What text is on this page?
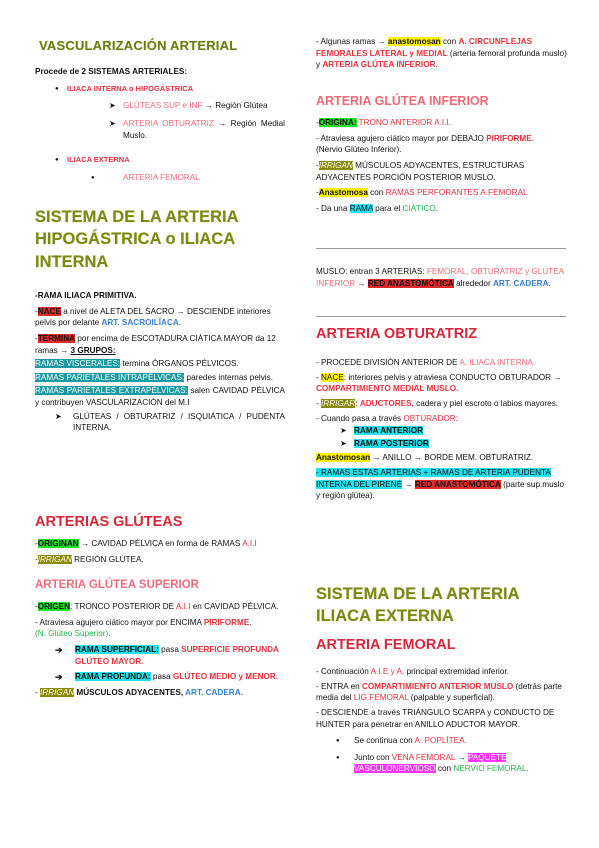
VASCULARIZACIÓN ARTERIAL

Procede de 2 SISTEMAS ARTERIALES:

● ILIACA INTERNA o HIPOGÁSTRICA
➤ GLÚTEAS SUP e INF → Región Glútea
➤ ARTERIA OBTURATRIZ → Región Medial Muslo.
● ILIACA EXTERNA
● ARTERIA FEMORAL
SISTEMA DE LA ARTERIA HIPOGÁSTRICA o ILIACA INTERNA

-RAMA ILIACA PRIMITIVA.

-NACE a nivel de ALETA DEL SACRO → DESCIENDE interiores pelvis por delante ART. SACROILÍACA.

-TERMINA por encima de ESCOTADURA CIÁTICA MAYOR da 12 ramas → 3 GRUPOS:

RAMAS VISCERALES: termina ÓRGANOS PÉLVICOS.

RAMAS PARIETALES INTRAPÉLVICAS: paredes internas pelvis.

RAMAS PARIETALES EXTRAPÉLVICAS: salen CAVIDAD PÉLVICA y contribuyen VASCULARIZACIÓN del M.I

➤ GLÚTEAS / OBTURATRIZ / ISQUIÁTICA / PUDENTA INTERNA.
ARTERIAS GLÚTEAS

-ORIGINAN → CAVIDAD PÉLVICA en forma de RAMAS A.I.I

-IRRIGAN REGIÓN GLÚTEA.

ARTERIA GLÚTEA SUPERIOR

-ORIGEN: TRONCO POSTERIOR DE A.I.I en CAVIDAD PÉLVICA.

- Atraviesa agujero ciático mayor por ENCIMA PIRIFORME.
(N. Glúteo Superior).

➔ RAMA SUPERFICIAL: pasa SUPERFICIE PROFUNDA GLÚTEO MAYOR.
➔ RAMA PROFUNDA: pasa GLÚTEO MEDIO y MENOR.

- IRRIGAN MÚSCULOS ADYACENTES, ART. CADERA.

- Algunas ramas → anastomosan con A. CIRCUNFLEJAS FEMORALES LATERAL y MEDIAL (arteria femoral profunda muslo) y ARTERIA GLÚTEA INFERIOR.

ARTERIA GLÚTEA INFERIOR

-ORIGINA: TRONO ANTERIOR A.I.I.

- Atraviesa agujero ciático mayor por DEBAJO PIRIFORME.
(Nervio Glúteo Inferior).

-IRRIGAN MÚSCULOS ADYACENTES, ESTRUCTURAS ADYACENTES PORCIÓN POSTERIOR MUSLO.

-Anastomosa con RAMAS PERFORANTES A.FEMORAL

- Da una RAMA para el CIÁTICO.

MUSLO: entran 3 ARTERIAS: FEMORAL, OBTURATRIZ y GLÚTEA INFERIOR → RED ANASTOMÓTICA alrededor ART. CADERA.

ARTERIA OBTURATRIZ

- PROCEDE DIVISIÓN ANTERIOR DE A. ILIACA INTERNA.

- NACE: interiores pelvis y atraviesa CONDUCTO OBTURADOR → COMPARTIMIENTO MEDIAL MUSLO.

- IRRIGAR: ADUCTORES, cadera y piel escroto o labios mayores.

- Cuando pasa a través OBTURADOR:

➤ RAMA ANTERIOR
➤ RAMA POSTERIOR

Anastomosan → ANILLO → BORDE MEM. OBTURATRIZ.

- RAMAS ESTAS ARTERIAS + RAMAS DE ARTERIA PUDENTA INTERNA DEL PIRENÉ → RED ANASTOMÓTICA (parte sup.muslo y región glútea).

SISTEMA DE LA ARTERIA ILIACA EXTERNA
ARTERIA FEMORAL

- Continuación A.I.E y A. principal extremidad inferior.

- ENTRA en COMPARTIMIENTO ANTERIOR MUSLO (detrás parte media del LIG.FEMORAL (palpable y superficial).

- DESCIENDE a través TRIÁNGULO SCARPA y CONDUCTO DE HUNTER para penetrar en ANILLO ADUCTOR MAYOR.

● Se continua con A. POPLÍTEA.
● Junto con VENA FEMORAL → PAQUETE VASCULONERVIOSO con NERVIO FEMORAL.
